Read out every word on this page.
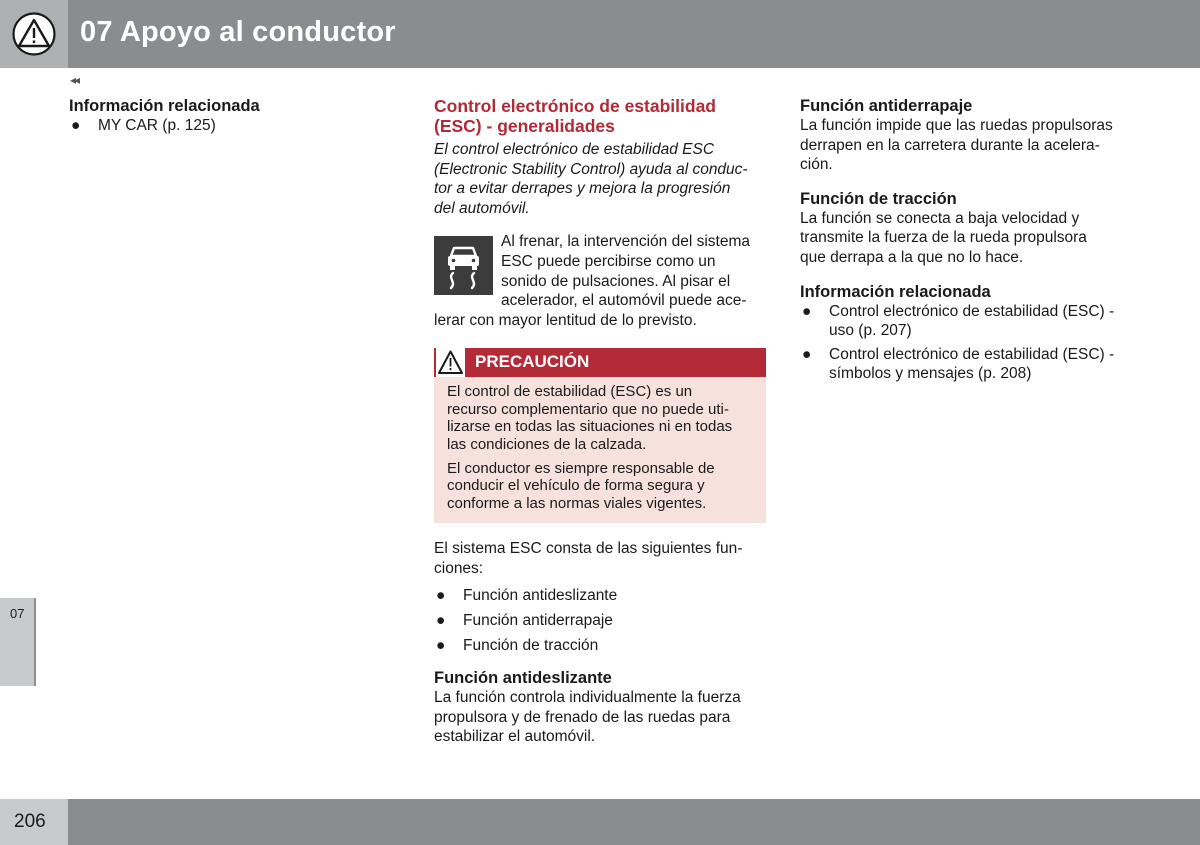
07 Apoyo al conductor
◂◂
07
206
Información relacionada
● MY CAR (p. 125)
Control electrónico de estabilidad
(ESC) - generalidades
El control electrónico de estabilidad ESC
(Electronic Stability Control) ayuda al conduc-
tor a evitar derrapes y mejora la progresión
del automóvil.
Al frenar, la intervención del sistema
ESC puede percibirse como un
sonido de pulsaciones. Al pisar el
acelerador, el automóvil puede ace-
lerar con mayor lentitud de lo previsto.
PRECAUCIÓN

El control de estabilidad (ESC) es un
recurso complementario que no puede uti-
lizarse en todas las situaciones ni en todas
las condiciones de la calzada.

El conductor es siempre responsable de
conducir el vehículo de forma segura y
conforme a las normas viales vigentes.

El sistema ESC consta de las siguientes fun-
ciones:
● Función antideslizante
● Función antiderrapaje
● Función de tracción
Función antideslizante
La función controla individualmente la fuerza
propulsora y de frenado de las ruedas para
estabilizar el automóvil.
Función antiderrapaje
La función impide que las ruedas propulsoras
derrapen en la carretera durante la acelera-
ción.
Función de tracción
La función se conecta a baja velocidad y
transmite la fuerza de la rueda propulsora
que derrapa a la que no lo hace.
Información relacionada
● Control electrónico de estabilidad (ESC) -
uso (p. 207)
● Control electrónico de estabilidad (ESC) -
símbolos y mensajes (p. 208)
